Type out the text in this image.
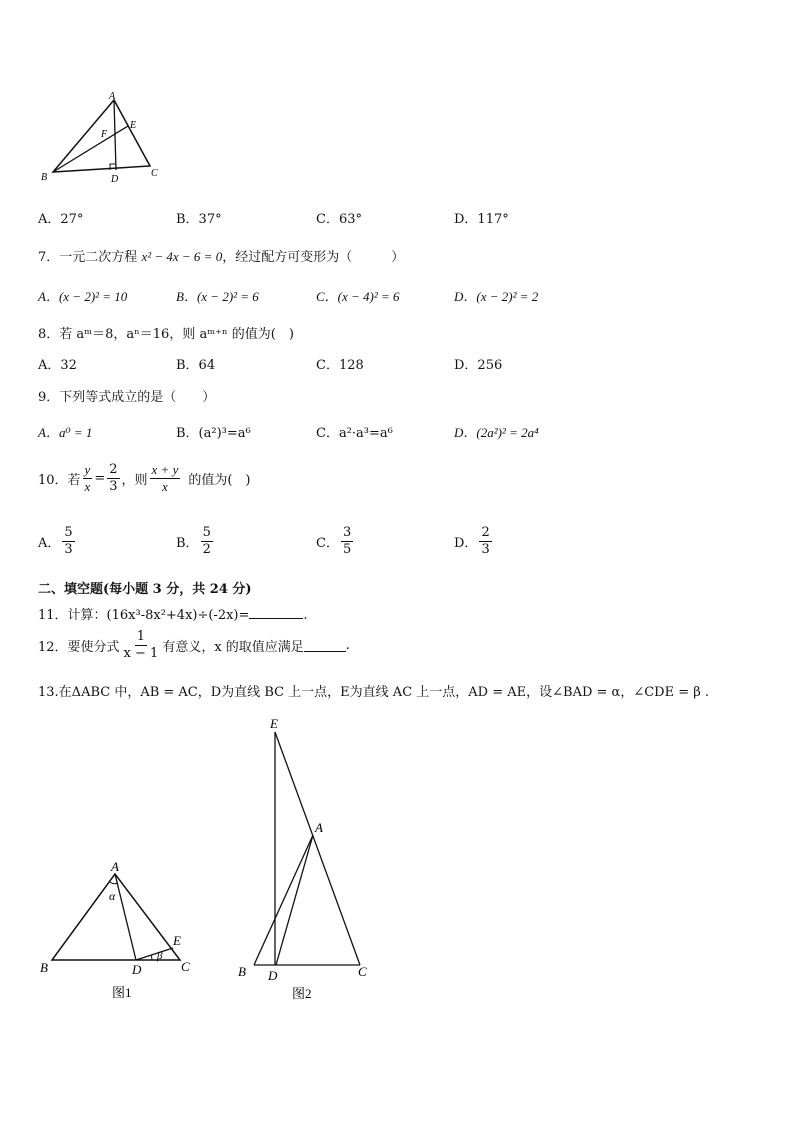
A
E
F
B	D
C
A．27°	B．37°	C．63°	D．117°
7．一元二次方程 x² − 4x − 6 = 0，经过配方可变形为（　　　）
A．(x − 2)² = 10	B．(x − 2)² = 6	C．(x − 4)² = 6	D．(x − 2)² = 2
8．若 aᵐ＝8，aⁿ＝16，则 aᵐ⁺ⁿ 的值为(　)
A．32	B．64	C．128	D．256
9．下列等式成立的是（　　）
A．a⁰ = 1	B．(a²)³=a⁶	C．a²·a³=a⁶	D．(2a²)² = 2a⁴
10．若 $\frac{y}{x} = \frac{2}{3}$ ，则 $\frac{x + y}{x}$ 的值为(　)
A． $\frac{5}{3}$	B． $\frac{5}{2}$	C． $\frac{3}{5}$	D． $\frac{2}{3}$
二、填空题(每小题 3 分，共 24 分)
11．计算：(16x³-8x²+4x)÷(-2x)=	.
12．要使分式 $\frac{1}{x - 1}$ 有意义，x 的取值应满足	.
13.在ΔABC 中，AB = AC，D为直线 BC 上一点，E为直线 AC 上一点，AD = AE，设∠BAD = α，∠CDE = β .
A
α
B	D
β
E
C
图1
E
A
B D	C
图2
